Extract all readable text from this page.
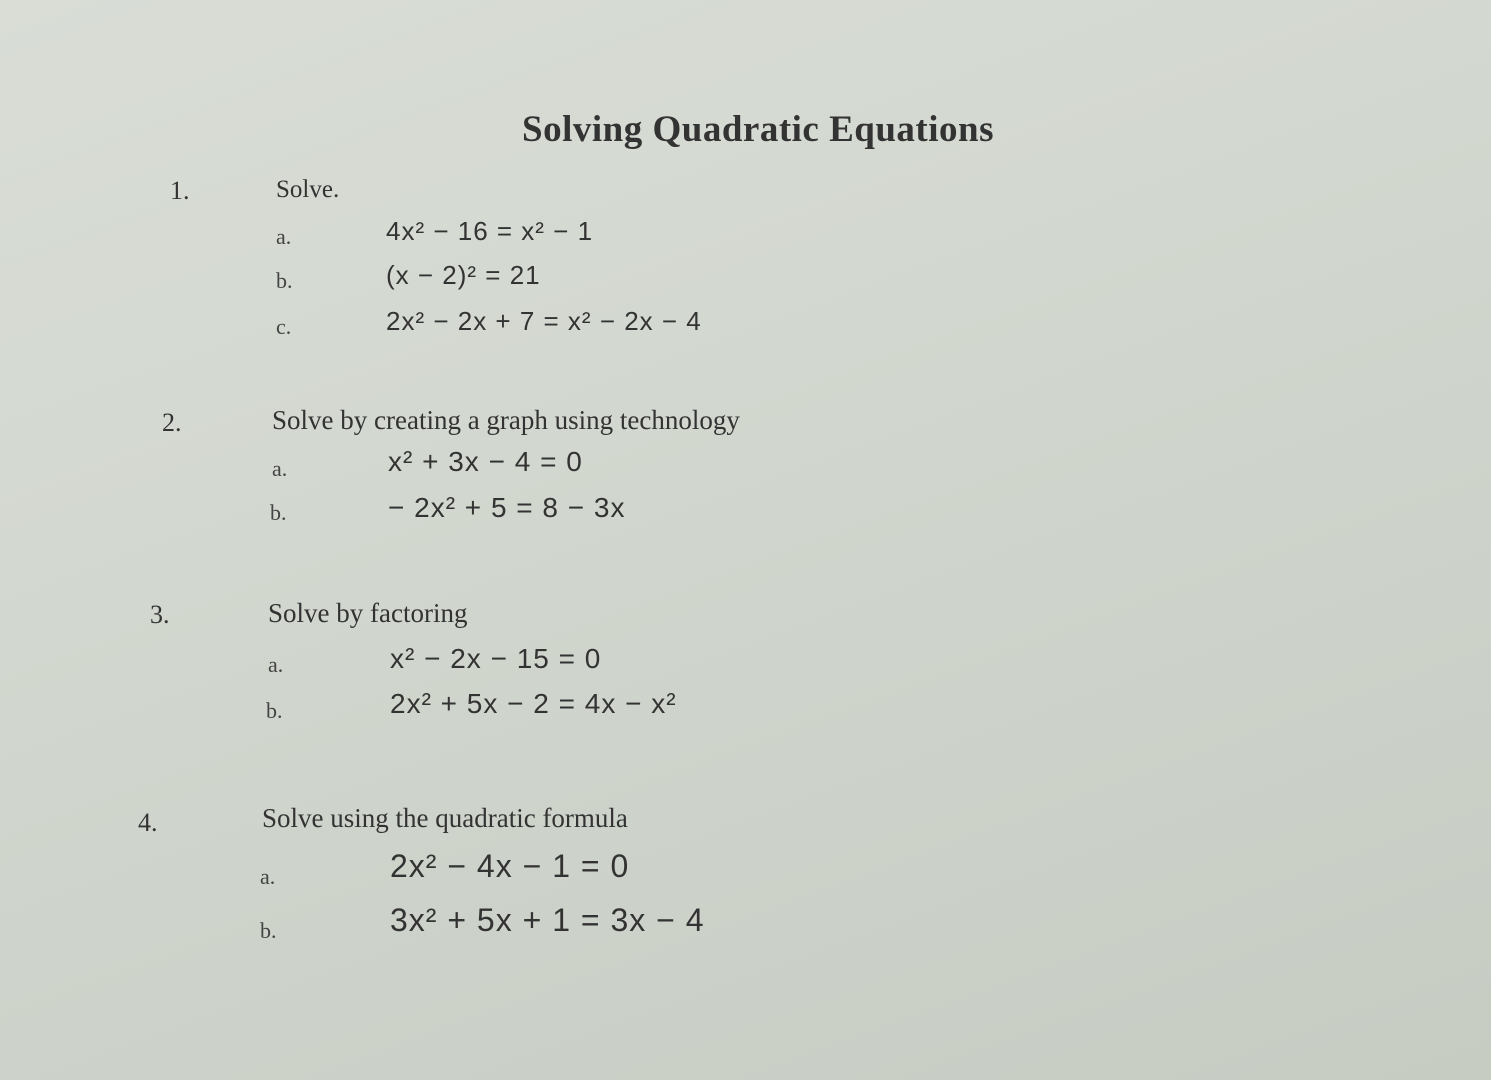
Solving Quadratic Equations
1.	Solve.
a.	4x² − 16 = x² − 1
b.	(x − 2)² = 21
c.	2x² − 2x + 7 = x² − 2x − 4
2.	Solve by creating a graph using technology
a.	x² + 3x − 4 = 0
b.	− 2x² + 5 = 8 − 3x
3.	Solve by factoring
a.	x² − 2x − 15 = 0
b.	2x² + 5x − 2 = 4x − x²
4.	Solve using the quadratic formula
a.	2x² − 4x − 1 = 0
b.	3x² + 5x + 1 = 3x − 4
